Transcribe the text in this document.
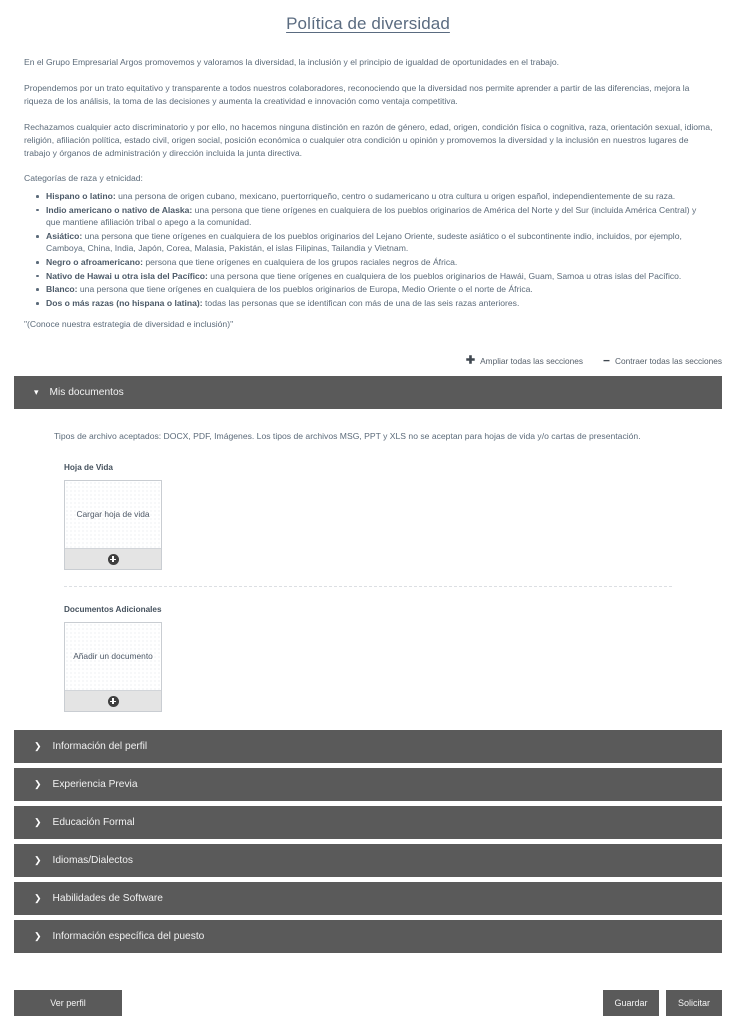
Política de diversidad

En el Grupo Empresarial Argos promovemos y valoramos la diversidad, la inclusión y el principio de igualdad de oportunidades en el trabajo.

Propendemos por un trato equitativo y transparente a todos nuestros colaboradores, reconociendo que la diversidad nos permite aprender a partir de las diferencias, mejora la riqueza de los análisis, la toma de las decisiones y aumenta la creatividad e innovación como ventaja competitiva.

Rechazamos cualquier acto discriminatorio y por ello, no hacemos ninguna distinción en razón de género, edad, origen, condición física o cognitiva, raza, orientación sexual, idioma, religión, afiliación política, estado civil, origen social, posición económica o cualquier otra condición u opinión y promovemos la diversidad y la inclusión en nuestros lugares de trabajo y órganos de administración y dirección incluida la junta directiva.

Categorías de raza y etnicidad:

Hispano o latino: una persona de origen cubano, mexicano, puertorriqueño, centro o sudamericano u otra cultura u origen español, independientemente de su raza.
Indio americano o nativo de Alaska: una persona que tiene orígenes en cualquiera de los pueblos originarios de América del Norte y del Sur (incluida América Central) y que mantiene afiliación tribal o apego a la comunidad.
Asiático: una persona que tiene orígenes en cualquiera de los pueblos originarios del Lejano Oriente, sudeste asiático o el subcontinente indio, incluidos, por ejemplo, Camboya, China, India, Japón, Corea, Malasia, Pakistán, el islas Filipinas, Tailandia y Vietnam.
Negro o afroamericano: persona que tiene orígenes en cualquiera de los grupos raciales negros de África.
Nativo de Hawai u otra isla del Pacífico: una persona que tiene orígenes en cualquiera de los pueblos originarios de Hawái, Guam, Samoa u otras islas del Pacífico.
Blanco: una persona que tiene orígenes en cualquiera de los pueblos originarios de Europa, Medio Oriente o el norte de África.
Dos o más razas (no hispana o latina): todas las personas que se identifican con más de una de las seis razas anteriores.

"(Conoce nuestra estrategia de diversidad e inclusión)"

✚ Ampliar todas las secciones − Contraer todas las secciones
▾ Mis documentos

Tipos de archivo aceptados: DOCX, PDF, Imágenes. Los tipos de archivos MSG, PPT y XLS no se aceptan para hojas de vida y/o cartas de presentación.

Hoja de Vida
Cargar hoja de vida
Documentos Adicionales
Añadir un documento
❯ Información del perfil
❯ Experiencia Previa
❯ Educación Formal
❯ Idiomas/Dialectos
❯ Habilidades de Software
❯ Información específica del puesto
Ver perfil	Guardar	Solicitar
